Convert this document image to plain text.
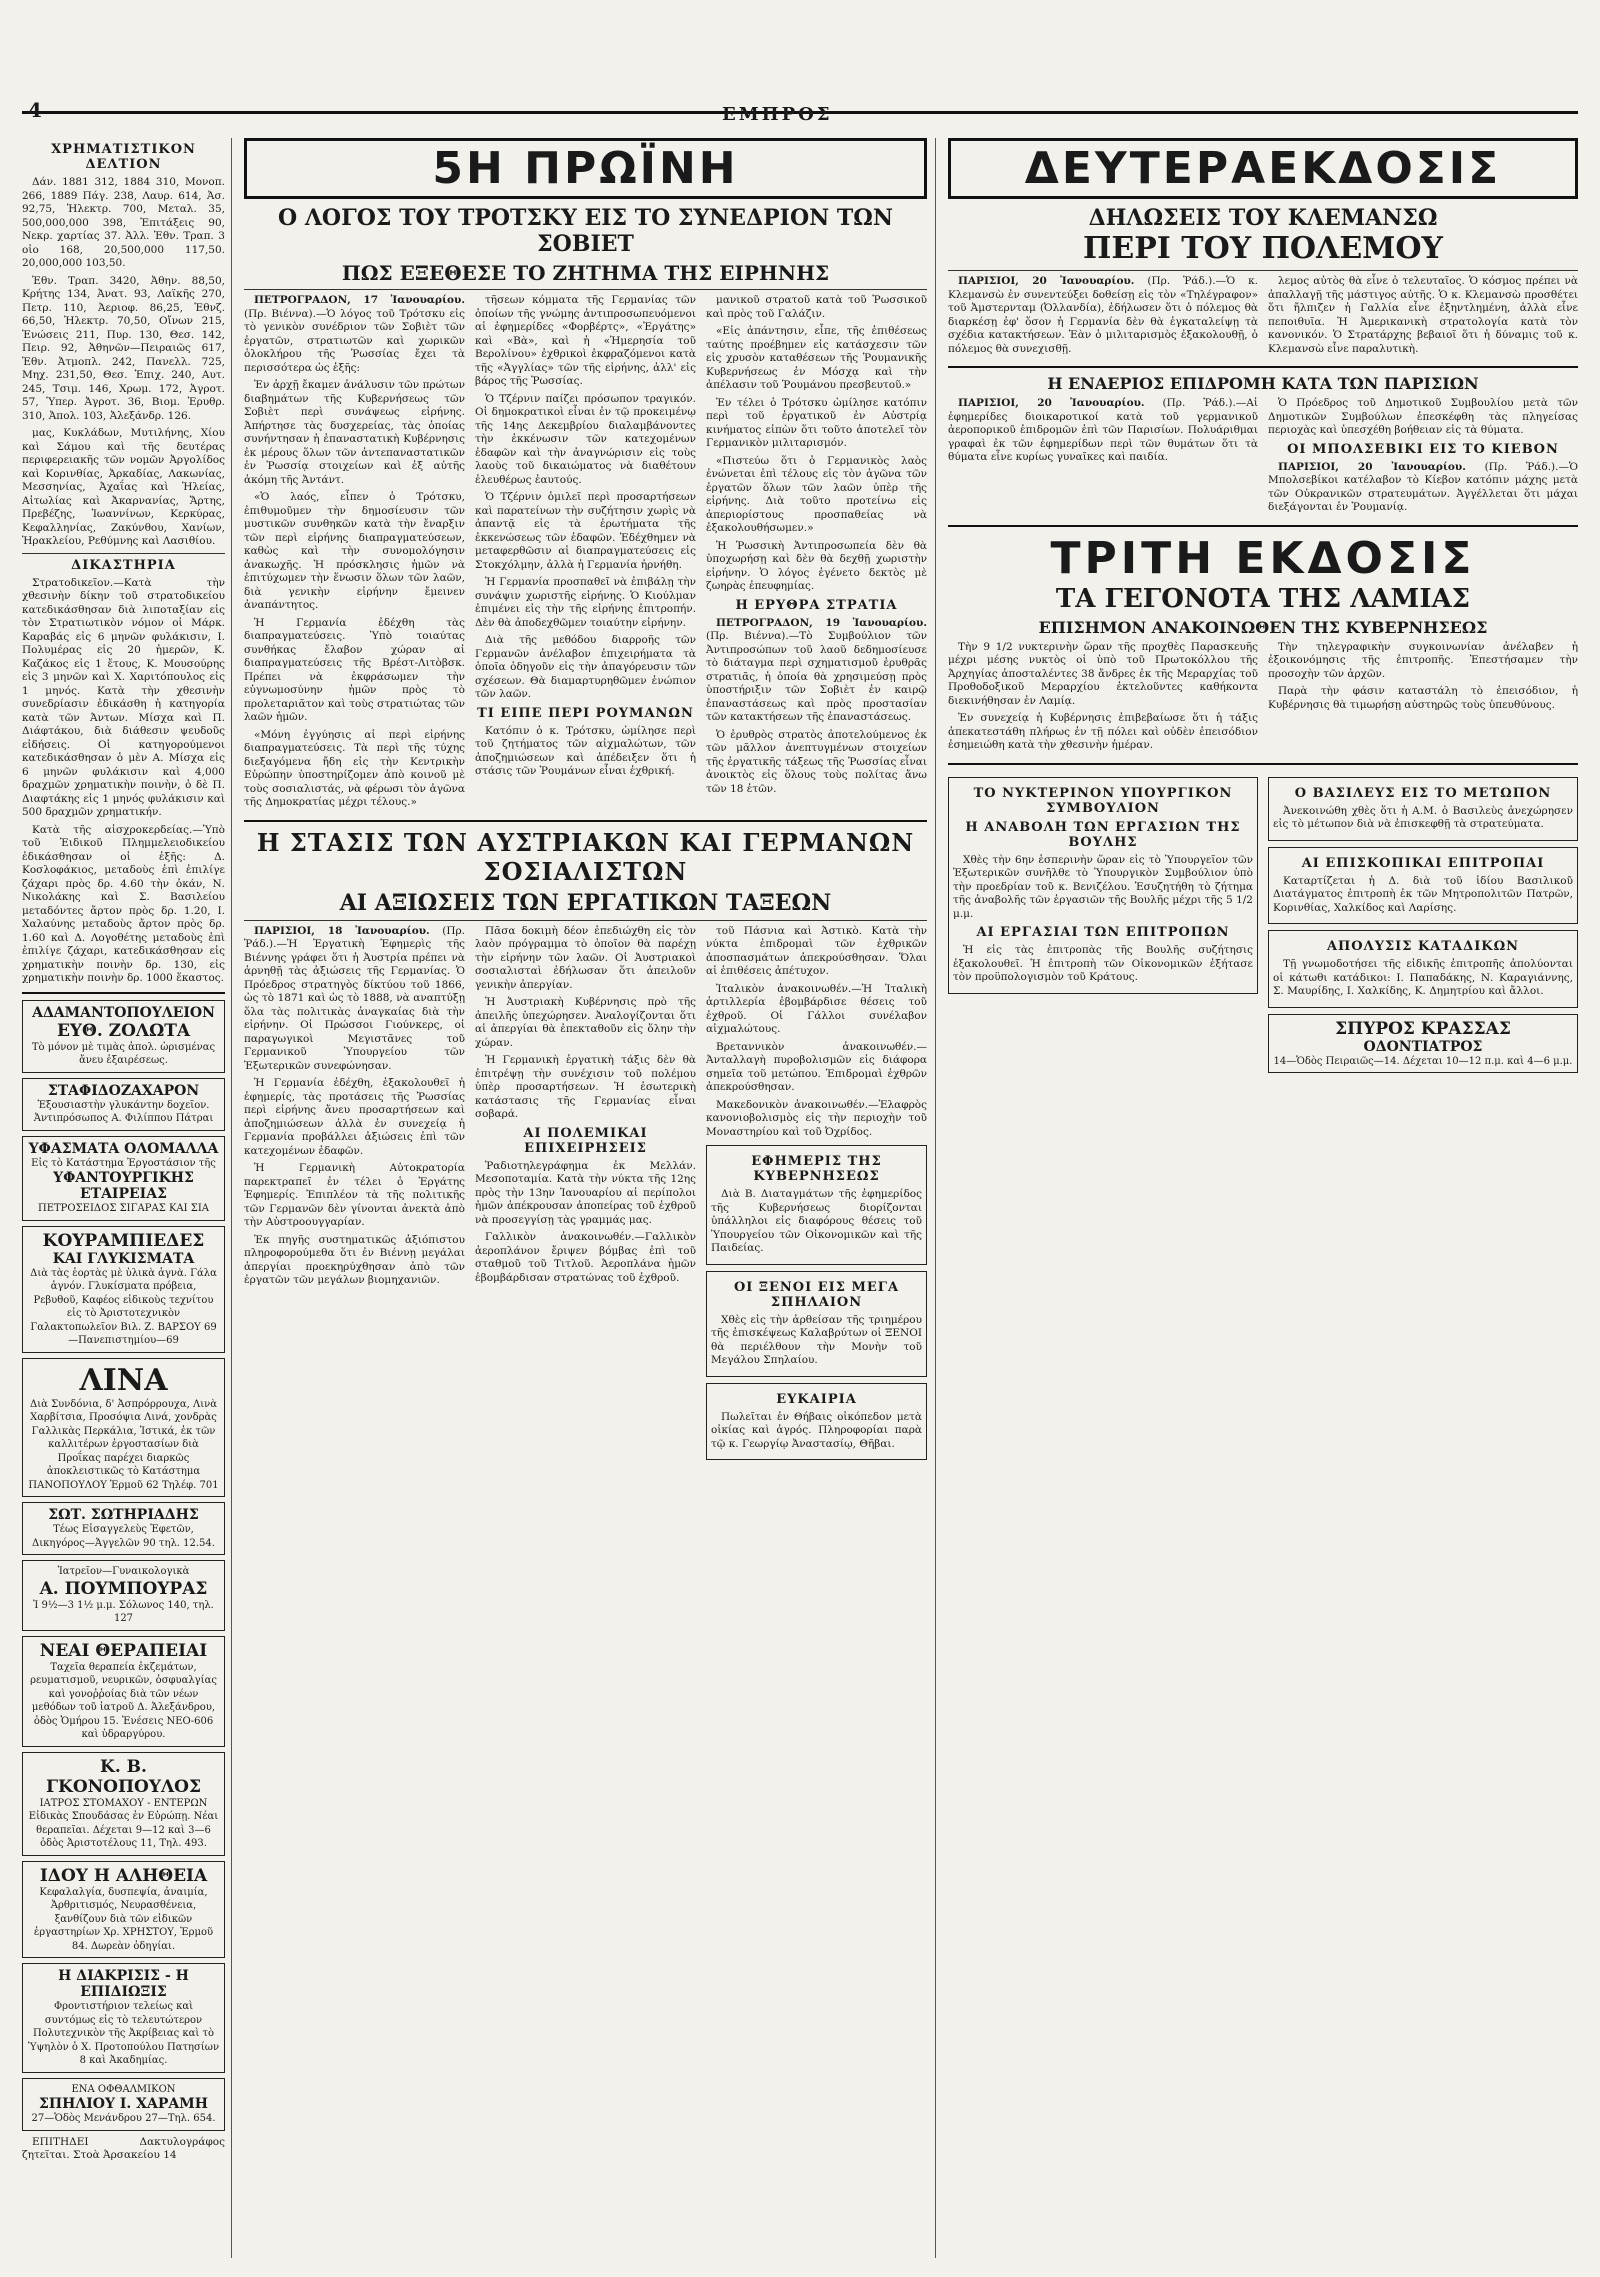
4	ΕΜΠΡΟΣ
ΧΡΗΜΑΤΙΣΤΙΚΟΝ ΔΕΛΤΙΟΝ

Δάν. 1881 312, 1884 310, Μονοπ. 266, 1889 Πάγ. 238, Λαυρ. 614, Ἀσ. 92,75, Ἠλεκτρ. 700, Μεταλ. 35, 500,000,000 398, Ἐπιτάξεις 90, Νεκρ. χαρτίας 37. Ἀλλ. Ἐθν. Τραπ. 3 οἰο 168, 20,500,000 117,50. 20,000,000 103,50.

Ἐθν. Τραπ. 3420, Ἀθην. 88,50, Κρήτης 134, Ἀνατ. 93, Λαϊκῆς 270, Πετρ. 110, Ἀεριοφ. 86,25, Ἐθνζ. 66,50, Ἠλεκτρ. 70,50, Οἴνων 215, Ἐνώσεις 211, Πυρ. 130, Θεσ. 142, Πειρ. 92, Ἀθηνῶν—Πειραιῶς 617, Ἐθν. Ἀτμοπλ. 242, Πανελλ. 725, Μηχ. 231,50, Θεσ. Ἐπιχ. 240, Αυτ. 245, Τσιμ. 146, Χρωμ. 172, Ἀγροτ. 57, Ὑπερ. Ἀγροτ. 36, Βιομ. Ἐρυθρ. 310, Ἀπολ. 103, Ἀλεξάνδρ. 126.

μας, Κυκλάδων, Μυτιλήνης, Χίου καὶ Σάμου καὶ τῆς δευτέρας περιφερειακῆς τῶν νομῶν Ἀργολίδος καὶ Κορινθίας, Ἀρκαδίας, Λακωνίας, Μεσσηνίας, Ἀχαΐας καὶ Ἠλείας, Αἰτωλίας καὶ Ἀκαρνανίας, Ἄρτης, Πρεβέζης, Ἰωαννίνων, Κερκύρας, Κεφαλληνίας, Ζακύνθου, Χανίων, Ἡρακλείου, Ρεθύμνης καὶ Λασιθίου.

ΔΙΚΑΣΤΗΡΙΑ

Στρατοδικεῖον.—Κατὰ τὴν χθεσινὴν δίκην τοῦ στρατοδικείου κατεδικάσθησαν διὰ λιποταξίαν εἰς τὸν Στρατιωτικὸν νόμον οἱ Μάρκ. Καραβάς εἰς 6 μηνῶν φυλάκισιν, Ι. Πολυμέρας εἰς 20 ἡμερῶν, Κ. Καζάκος εἰς 1 ἔτους, Κ. Μουσούρης εἰς 3 μηνῶν καὶ Χ. Χαριτόπουλος εἰς 1 μηνός. Κατὰ τὴν χθεσινὴν συνεδρίασιν ἐδικάσθη ἡ κατηγορία κατὰ τῶν Ἀντων. Μίσχα καὶ Π. Διάφτάκου, διὰ διάθεσιν ψευδοῦς εἰδήσεις. Οἱ κατηγορούμενοι κατεδικάσθησαν ὁ μὲν Α. Μίσχα εἰς 6 μηνῶν φυλάκισιν καὶ 4,000 δραχμῶν χρηματικὴν ποινὴν, ὁ δὲ Π. Διαφτάκης εἰς 1 μηνός φυλάκισιν καὶ 500 δραχμῶν χρηματικήν.

Κατὰ τῆς αἰσχροκερδείας.—Ὑπὸ τοῦ Ἐιδικοῦ Πλημμελειοδικείου ἐδικάσθησαν οἱ ἑξῆς: Δ. Κοσλοφάκιος, μεταδοὺς ἐπὶ ἐπιλίγε ζάχαρι πρὸς δρ. 4.60 τὴν ὀκάν, Ν. Νικολάκης καὶ Σ. Βασιλείου μεταδόντες ἄρτον πρὸς δρ. 1.20, Ι. Χαλαύνης μεταδοὺς ἄρτον πρὸς δρ. 1.60 καὶ Δ. Λογοθέτης μεταδοὺς ἐπὶ ἐπιλίγε ζάχαρι, κατεδικάσθησαν εἰς χρηματικὴν ποινὴν δρ. 130, εἰς χρηματικὴν ποινὴν δρ. 1000 ἕκαστος.

ΑΔΑΜΑΝΤΟΠΟΥΛΕΙΟΝ
ΕΥΘ. ΖΟΛΩΤΑ
Τὸ μόνον μὲ τιμὰς ἀπολ. ὡρισμένας ἄνευ ἐξαιρέσεως.
ΣΤΑΦΙΔΟΖΑΧΑΡΟΝ
Ἐξουσιαστὴν γλυκάντην δοχεῖον. Ἀντιπρόσωπος Α. Φιλίππου Πάτραι
ΥΦΑΣΜΑΤΑ ΟΛΟΜΑΛΛΑ
Εἰς τὸ Κατάστημα Ἐργοστάσιον τῆς
ΥΦΑΝΤΟΥΡΓΙΚΗΣ ΕΤΑΙΡΕΙΑΣ
ΠΕΤΡΟΣΕΙΔΟΣ ΣΙΓΑΡΑΣ ΚΑΙ ΣΙΑ
ΚΟΥΡΑΜΠΙΕΔΕΣ
ΚΑΙ ΓΛΥΚΙΣΜΑΤΑ
Διὰ τὰς ἑορτὰς μὲ ὑλικὰ ἁγνὰ. Γάλα ἁγνόν. Γλυκίσματα πρόβεια, Ρεβυθοῦ, Καφέος εἰδικοὺς τεχνίτου εἰς τὸ Ἀριστοτεχνικὸν Γαλακτοπωλεῖον Βιλ. Ζ. ΒΑΡΣΟΥ 69—Πανεπιστημίου—69
ΛΙΝΑ
Διὰ Συνδόνια, δ' Ἀσπρόρρουχα, Λινὰ Χαρβίτσια, Προσόψια Λινά, χονδρὰς Γαλλικὰς Περκάλια, Ἰστικά, ἐκ τῶν καλλιτέρων ἐργοστασίων διὰ Προΐκας παρέχει διαρκῶς ἀποκλειστικῶς τὸ Κατάστημα ΠΑΝΟΠΟΥΛΟΥ Ἑρμοῦ 62 Τηλέφ. 701
ΣΩΤ. ΣΩΤΗΡΙΑΔΗΣ
Τέως Εἰσαγγελεὺς Ἐφετῶν, Δικηγόρος—Ἀγγελῶν 90 τηλ. 12.54.
Ἰατρεῖον—Γυναικολογικὰ
Α. ΠΟΥΜΠΟΥΡΑΣ
Ἰ 9½—3 1½ μ.μ. Σόλωνος 140, τηλ. 127
ΝΕΑΙ ΘΕΡΑΠΕΙΑΙ
Ταχεῖα θεραπεία ἐκζεμάτων, ρευματισμοῦ, νευρικῶν, ὀσφυαλγίας καὶ γονοῤῥοίας διὰ τῶν νέων μεθόδων τοῦ ἰατροῦ Δ. Ἀλεξάνδρου, ὁδὸς Ὁμήρου 15. Ἐνέσεις ΝΕΟ-606 καὶ ὑδραργύρου.
Κ. Β. ΓΚΟΝΟΠΟΥΛΟΣ
ΙΑΤΡΟΣ ΣΤΟΜΑΧΟΥ - ΕΝΤΕΡΩΝ
Εἰδικὰς Σπουδάσας ἐν Εὐρώπῃ. Νέαι θεραπεῖαι. Δέχεται 9—12 καὶ 3—6 ὁδὸς Ἀριστοτέλους 11, Τηλ. 493.
ΙΔΟΥ Η ΑΛΗΘΕΙΑ
Κεφαλαλγία, δυσπεψία, ἀναιμία, Ἀρθριτισμός, Νευρασθένεια, ξανθίζουν διὰ τῶν εἰδικῶν ἐργαστηρίων Χρ. ΧΡΗΣΤΟΥ, Ἑρμοῦ 84. Δωρεὰν ὁδηγίαι.
Η ΔΙΑΚΡΙΣΙΣ - Η ΕΠΙΔΙΩΞΙΣ
Φροντιστήριον τελείως καὶ συντόμως εἰς τὸ τελευτώτερον Πολυτεχνικὸν τῆς Ἀκρίβειας καὶ τὸ Ὑψηλὸν ὁ Χ. Προτοπούλου Πατησίων 8 καὶ Ἀκαδημίας.
ΕΝΑ ΟΦΘΑΛΜΙΚΟΝ
ΣΠΗΛΙΟΥ Ι. ΧΑΡΑΜΗ
27—Ὁδὸς Μενάνδρου 27—Τηλ. 654.

ΕΠΙΤΗΔΕΙ Δακτυλογράφος ζητεῖται. Στοὰ Ἀρσακείου 14

5Η ΠΡΩΪΝΗ
Ο ΛΟΓΟΣ ΤΟΥ ΤΡΟΤΣΚΥ ΕΙΣ ΤΟ ΣΥΝΕΔΡΙΟΝ ΤΩΝ ΣΟΒΙΕΤ
ΠΩΣ ΕΞΕΘΕΣΕ ΤΟ ΖΗΤΗΜΑ ΤΗΣ ΕΙΡΗΝΗΣ

ΠΕΤΡΟΓΡΑΔΟΝ, 17 Ἰανουαρίου. (Πρ. Βιέννα).—Ὁ λόγος τοῦ Τρότσκυ εἰς τὸ γενικὸν συνέδριον τῶν Σοβιὲτ τῶν ἐργατῶν, στρατιωτῶν καὶ χωρικῶν ὁλοκλήρου τῆς Ῥωσσίας ἔχει τὰ περισσότερα ὡς ἑξῆς:

Ἐν ἀρχῇ ἔκαμεν ἀνάλυσιν τῶν πρώτων διαβημάτων τῆς Κυβερνήσεως τῶν Σοβιὲτ περὶ συνάψεως εἰρήνης. Ἀπήρτησε τὰς δυσχερείας, τὰς ὁποίας συνήντησαν ἡ ἐπαναστατικὴ Κυβέρνησις ἐκ μέρους ὅλων τῶν ἀντεπαναστατικῶν ἐν Ῥωσσίᾳ στοιχείων καὶ ἐξ αὐτῆς ἀκόμη τῆς Ἀντάντ.

«Ὁ λαός, εἶπεν ὁ Τρότσκυ, ἐπιθυμοῦμεν τὴν δημοσίευσιν τῶν μυστικῶν συνθηκῶν κατὰ τὴν ἔναρξιν τῶν περὶ εἰρήνης διαπραγματεύσεων, καθὼς καὶ τὴν συνομολόγησιν ἀνακωχῆς. Ἡ πρόσκλησις ἡμῶν νὰ ἐπιτύχωμεν τὴν ἕνωσιν ὅλων τῶν λαῶν, διὰ γενικὴν εἰρήνην ἔμεινεν ἀναπάντητος.

Ἡ Γερμανία ἐδέχθη τὰς διαπραγματεύσεις. Ὑπὸ τοιαύτας συνθήκας ἔλαβον χώραν αἱ διαπραγματεύσεις τῆς Βρέστ-Λιτὸβσκ. Πρέπει νὰ ἐκφράσωμεν τὴν εὐγνωμοσύνην ἡμῶν πρὸς τὸ προλεταριᾶτον καὶ τοὺς στρατιώτας τῶν λαῶν ἡμῶν.

«Μόνη ἐγγύησις αἱ περὶ εἰρήνης διαπραγματεύσεις. Τὰ περὶ τῆς τύχης διεξαγόμενα ἤδη εἰς τὴν Κεντρικὴν Εὐρώπην ὑποστηρίζομεν ἀπὸ κοινοῦ μὲ τοὺς σοσιαλιστάς, νὰ φέρωσι τὸν ἀγῶνα τῆς Δημοκρατίας μέχρι τέλους.»

τῆσεων κόμματα τῆς Γερμανίας τῶν ὁποίων τῆς γνώμης ἀντιπροσωπευόμενοι αἱ ἐφημερίδες «Φορβέρτς», «Ἐργάτης» καὶ «Βὰ», καὶ ἡ «Ἡμερησία τοῦ Βερολίνου» ἐχθρικοὶ ἐκφραζόμενοι κατὰ τῆς «Ἀγγλίας» τῶν τῆς εἰρήνης, ἀλλ' εἰς βάρος τῆς Ῥωσσίας.

Ὁ Τζέρνιν παίζει πρόσωπον τραγικόν. Οἱ δημοκρατικοὶ εἶναι ἐν τῷ προκειμένῳ τῆς 14ης Δεκεμβρίου διαλαμβάνοντες τὴν ἐκκένωσιν τῶν κατεχομένων ἐδαφῶν καὶ τὴν ἀναγνώρισιν εἰς τοὺς λαοὺς τοῦ δικαιώματος νὰ διαθέτουν ἐλευθέρως ἑαυτούς.

Ὁ Τζέρνιν ὁμιλεῖ περὶ προσαρτήσεων καὶ παρατείνων τὴν συζήτησιν χωρὶς νὰ ἀπαντᾷ εἰς τὰ ἐρωτήματα τῆς ἐκκενώσεως τῶν ἐδαφῶν. Ἐδέχθημεν νὰ μεταφερθῶσιν αἱ διαπραγματεύσεις εἰς Στοκχόλμην, ἀλλὰ ἡ Γερμανία ἠρνήθη.

Ἡ Γερμανία προσπαθεῖ νὰ ἐπιβάλῃ τὴν συνάψιν χωριστῆς εἰρήνης. Ὁ Κιούλμαν ἐπιμένει εἰς τὴν τῆς εἰρήνης ἐπιτροπήν. Δὲν θὰ ἀποδεχθῶμεν τοιαύτην εἰρήνην.

Διὰ τῆς μεθόδου διαρροῆς τῶν Γερμανῶν ἀνέλαβον ἐπιχειρήματα τὰ ὁποῖα ὁδηγοῦν εἰς τὴν ἀπαγόρευσιν τῶν σχέσεων. Θὰ διαμαρτυρηθῶμεν ἐνώπιον τῶν λαῶν.

ΤΙ ΕΙΠΕ ΠΕΡΙ ΡΟΥΜΑΝΩΝ

Κατόπιν ὁ κ. Τρότσκυ, ὡμίλησε περὶ τοῦ ζητήματος τῶν αἰχμαλώτων, τῶν ἀποζημιώσεων καὶ ἀπέδειξεν ὅτι ἡ στάσις τῶν Ῥουμάνων εἶναι ἐχθρική.

μανικοῦ στρατοῦ κατὰ τοῦ Ῥωσσικοῦ καὶ πρὸς τοῦ Γαλάζιν.

«Εἰς ἀπάντησιν, εἶπε, τῆς ἐπιθέσεως ταύτης προέβημεν εἰς κατάσχεσιν τῶν εἰς χρυσὸν καταθέσεων τῆς Ῥουμανικῆς Κυβερνήσεως ἐν Μόσχᾳ καὶ τὴν ἀπέλασιν τοῦ Ῥουμάνου πρεσβευτοῦ.»

Ἐν τέλει ὁ Τρότσκυ ὡμίλησε κατόπιν περὶ τοῦ ἐργατικοῦ ἐν Αὐστρίᾳ κινήματος εἰπὼν ὅτι τοῦτο ἀποτελεῖ τὸν Γερμανικὸν μιλιταρισμόν.

«Πιστεύω ὅτι ὁ Γερμανικὸς λαὸς ἐνώνεται ἐπὶ τέλους εἰς τὸν ἀγῶνα τῶν ἐργατῶν ὅλων τῶν λαῶν ὑπὲρ τῆς εἰρήνης. Διὰ τοῦτο προτείνω εἰς ἀπεριορίστους προσπαθείας νὰ ἐξακολουθήσωμεν.»

Ἡ Ῥωσσικὴ Ἀντιπροσωπεία δὲν θὰ ὑποχωρήσῃ καὶ δὲν θὰ δεχθῇ χωριστὴν εἰρήνην. Ὁ λόγος ἐγένετο δεκτὸς μὲ ζωηρὰς ἐπευφημίας.

Η ΕΡΥΘΡΑ ΣΤΡΑΤΙΑ

ΠΕΤΡΟΓΡΑΔΟΝ, 19 Ἰανουαρίου. (Πρ. Βιέννα).—Τὸ Συμβούλιον τῶν Ἀντιπροσώπων τοῦ λαοῦ δεδημοσίευσε τὸ διάταγμα περὶ σχηματισμοῦ ἐρυθρᾶς στρατιᾶς, ἡ ὁποία θὰ χρησιμεύσῃ πρὸς ὑποστήριξιν τῶν Σοβιὲτ ἐν καιρῷ ἐπαναστάσεως καὶ πρὸς προστασίαν τῶν κατακτήσεων τῆς ἐπαναστάσεως.

Ὁ ἐρυθρὸς στρατὸς ἀποτελούμενος ἐκ τῶν μᾶλλον ἀνεπτυγμένων στοιχείων τῆς ἐργατικῆς τάξεως τῆς Ῥωσσίας εἶναι ἀνοικτὸς εἰς ὅλους τοὺς πολίτας ἄνω τῶν 18 ἐτῶν.

Η ΣΤΑΣΙΣ ΤΩΝ ΑΥΣΤΡΙΑΚΩΝ ΚΑΙ ΓΕΡΜΑΝΩΝ ΣΟΣΙΑΛΙΣΤΩΝ
ΑΙ ΑΞΙΩΣΕΙΣ ΤΩΝ ΕΡΓΑΤΙΚΩΝ ΤΑΞΕΩΝ

ΠΑΡΙΣΙΟΙ, 18 Ἰανουαρίου. (Πρ. Ῥάδ.).—Ἡ Ἐργατικὴ Ἐφημερὶς τῆς Βιέννης γράφει ὅτι ἡ Ἀυστρία πρέπει νὰ ἀρνηθῇ τὰς ἀξιώσεις τῆς Γερμανίας. Ὁ Πρόεδρος στρατηγὸς δίκτύου τοῦ 1866, ὡς τὸ 1871 καὶ ὡς τὸ 1888, νὰ αναπτύξῃ ὅλα τὰς πολιτικὰς ἀναγκαίας διὰ τὴν εἰρήνην. Οἱ Πρώσσοι Γιούνκερς, οἱ παραγωγικοὶ Μεγιστᾶνες τοῦ Γερμανικοῦ Ὑπουργείου τῶν Ἐξωτερικῶν συνεφώνησαν.

Ἡ Γερμανία ἐδέχθη, ἐξακολουθεῖ ἡ ἐφημερίς, τὰς προτάσεις τῆς Ῥωσσίας περὶ εἰρήνης ἄνευ προσαρτήσεων καὶ ἀποζημιώσεων ἀλλὰ ἐν συνεχείᾳ ἡ Γερμανία προβάλλει ἀξιώσεις ἐπὶ τῶν κατεχομένων ἐδαφῶν.

Ἡ Γερμανικὴ Αὐτοκρατορία παρεκτραπεῖ ἐν τέλει ὁ Ἐργάτης Ἐφημερίς. Ἐπιπλέον τὰ τῆς πολιτικῆς τῶν Γερμανῶν δὲν γίνονται ἀνεκτὰ ἀπὸ τὴν Αὐστροουγγαρίαν.

Ἐκ πηγῆς συστηματικῶς ἀξιόπιστου πληροφορούμεθα ὅτι ἐν Βιέννῃ μεγάλαι ἀπεργίαι προεκηρύχθησαν ἀπὸ τῶν ἐργατῶν τῶν μεγάλων βιομηχανιῶν.

Πᾶσα δοκιμὴ δέον ἐπεδιώχθη εἰς τὸν λαὸν πρόγραμμα τὸ ὁποῖον θὰ παρέχῃ τὴν εἰρήνην τῶν λαῶν. Οἱ Ἀυστριακοὶ σοσιαλισταὶ ἐδήλωσαν ὅτι ἀπειλοῦν γενικὴν ἀπεργίαν.

Ἡ Ἀυστριακὴ Κυβέρνησις πρὸ τῆς ἀπειλῆς ὑπεχώρησεν. Ἀναλογίζονται ὅτι αἱ ἀπεργίαι θὰ ἐπεκταθοῦν εἰς ὅλην τὴν χώραν.

Ἡ Γερμανικὴ ἐργατικὴ τάξις δὲν θὰ ἐπιτρέψῃ τὴν συνέχισιν τοῦ πολέμου ὑπὲρ προσαρτήσεων. Ἡ ἐσωτερικὴ κατάστασις τῆς Γερμανίας εἶναι σοβαρά.

ΑΙ ΠΟΛΕΜΙΚΑΙ ΕΠΙΧΕΙΡΗΣΕΙΣ

Ῥαδιοτηλεγράφημα ἐκ Μελλάν. Μεσοποταμία. Κατὰ τὴν νύκτα τῆς 12ης πρὸς τὴν 13ην Ἰανουαρίου αἱ περίπολοι ἡμῶν ἀπέκρουσαν ἀποπείρας τοῦ ἐχθροῦ νὰ προσεγγίσῃ τὰς γραμμάς μας.

Γαλλικὸν ἀνακοινωθέν.—Γαλλικὸν ἀεροπλάνον ἔριψεν βόμβας ἐπὶ τοῦ σταθμοῦ τοῦ Τιτλοῦ. Ἀεροπλάνα ἡμῶν ἐβομβάρδισαν στρατώνας τοῦ ἐχθροῦ.

τοῦ Πάσνια καὶ Ἀστικὸ. Κατὰ τὴν νύκτα ἐπιδρομαὶ τῶν ἐχθρικῶν ἀποσπασμάτων ἀπεκρούσθησαν. Ὅλαι αἱ ἐπιθέσεις ἀπέτυχον.

Ἰταλικὸν ἀνακοινωθέν.—Ἡ Ἰταλικὴ ἀρτιλλερία ἐβομβάρδισε θέσεις τοῦ ἐχθροῦ. Οἱ Γάλλοι συνέλαβον αἰχμαλώτους.

Βρεταννικὸν ἀνακοινωθέν.—Ἀνταλλαγὴ πυροβολισμῶν εἰς διάφορα σημεῖα τοῦ μετώπου. Ἐπιδρομαὶ ἐχθρῶν ἀπεκρούσθησαν.

Μακεδονικὸν ἀνακοινωθέν.—Ἐλαφρὸς κανονιοβολισμὸς εἰς τὴν περιοχὴν τοῦ Μοναστηρίου καὶ τοῦ Ὀχρίδος.

ΕΦΗΜΕΡΙΣ ΤΗΣ ΚΥΒΕΡΝΗΣΕΩΣ

Διὰ Β. Διαταγμάτων τῆς ἐφημερίδος τῆς Κυβερνήσεως διορίζονται ὑπάλληλοι εἰς διαφόρους θέσεις τοῦ Ὑπουργείου τῶν Οἰκονομικῶν καὶ τῆς Παιδείας.

ΟΙ ΞΕΝΟΙ ΕΙΣ ΜΕΓΑ ΣΠΗΛΑΙΟΝ

Χθὲς εἰς τὴν ἀρθείσαν τῆς τριημέρου τῆς ἐπισκέψεως Καλαβρύτων οἱ ΞΕΝΟΙ θὰ περιέλθουν τὴν Μονὴν τοῦ Μεγάλου Σπηλαίου.

ΕΥΚΑΙΡΙΑ

Πωλεῖται ἐν Θήβαις οἰκόπεδον μετὰ οἰκίας καὶ ἀγρός. Πληροφορίαι παρὰ τῷ κ. Γεωργίῳ Ἀναστασίῳ, Θῆβαι.

ΔΕΥΤΕΡΑΕΚΔΟΣΙΣ
ΔΗΛΩΣΕΙΣ ΤΟΥ ΚΛΕΜΑΝΣΩ
ΠΕΡΙ ΤΟΥ ΠΟΛΕΜΟΥ

ΠΑΡΙΣΙΟΙ, 20 Ἰανουαρίου. (Πρ. Ῥάδ.).—Ὁ κ. Κλεμανσὼ ἐν συνεντεύξει δοθείσῃ εἰς τὸν «Τηλέγραφον» τοῦ Ἀμστερνταμ (Ὀλλανδία), ἐδήλωσεν ὅτι ὁ πόλεμος θὰ διαρκέσῃ ἐφ' ὅσον ἡ Γερμανία δὲν θὰ ἐγκαταλείψῃ τὰ σχέδια κατακτήσεων. Ἐὰν ὁ μιλιταρισμὸς ἐξακολουθῇ, ὁ πόλεμος θὰ συνεχισθῇ.

λεμος αὐτὸς θὰ εἶνε ὁ τελευταῖος. Ὁ κόσμος πρέπει νὰ ἀπαλλαγῇ τῆς μάστιγος αὐτῆς. Ὁ κ. Κλεμανσὼ προσθέτει ὅτι ἤλπιζεν ἡ Γαλλία εἶνε ἐξηντλημένη, ἀλλὰ εἶνε πεποιθυῖα. Ἡ Ἀμερικανικὴ στρατολογία κατὰ τὸν κανονικόν. Ὁ Στρατάρχης βεβαιοῖ ὅτι ἡ δύναμις τοῦ κ. Κλεμανσὼ εἶνε παραλυτικὴ.

Η ΕΝΑΕΡΙΟΣ ΕΠΙΔΡΟΜΗ ΚΑΤΑ ΤΩΝ ΠΑΡΙΣΙΩΝ

ΠΑΡΙΣΙΟΙ, 20 Ἰανουαρίου. (Πρ. Ῥάδ.).—Αἱ ἐφημερίδες διοικαροτικοί κατὰ τοῦ γερμανικοῦ ἀεροπορικοῦ ἐπιδρομῶν ἐπὶ τῶν Παρισίων. Πολυάριθμαι γραφαὶ ἐκ τῶν ἐφημερίδων περὶ τῶν θυμάτων ὅτι τὰ θύματα εἶνε κυρίως γυναῖκες καὶ παιδία.

Ὁ Πρόεδρος τοῦ Δημοτικοῦ Συμβουλίου μετὰ τῶν Δημοτικῶν Συμβούλων ἐπεσκέφθη τὰς πληγείσας περιοχὰς καὶ ὑπεσχέθη βοήθειαν εἰς τὰ θύματα.

ΟΙ ΜΠΟΛΣΕΒΙΚΙ ΕΙΣ ΤΟ ΚΙΕΒΟΝ

ΠΑΡΙΣΙΟΙ, 20 Ἰανουαρίου. (Πρ. Ῥάδ.).—Ὁ Μπολσεβίκοι κατέλαβον τὸ Κίεβον κατόπιν μάχης μετὰ τῶν Οὐκρανικῶν στρατευμάτων. Ἀγγέλλεται ὅτι μάχαι διεξάγονται ἐν Ῥουμανίᾳ.

ΤΡΙΤΗ ΕΚΔΟΣΙΣ
ΤΑ ΓΕΓΟΝΟΤΑ ΤΗΣ ΛΑΜΙΑΣ
ΕΠΙΣΗΜΟΝ ΑΝΑΚΟΙΝΩΘΕΝ ΤΗΣ ΚΥΒΕΡΝΗΣΕΩΣ

Τὴν 9 1/2 νυκτερινὴν ὥραν τῆς προχθὲς Παρασκευῆς μέχρι μέσης νυκτὸς οἱ ὑπὸ τοῦ Πρωτοκόλλου τῆς Ἀρχηγίας ἀποσταλέντες 38 ἄνδρες ἐκ τῆς Μεραρχίας τοῦ Προθοδοξικοῦ Μεραρχίου ἐκτελοῦντες καθήκοντα διεκινήθησαν ἐν Λαμίᾳ.

Ἐν συνεχείᾳ ἡ Κυβέρνησις ἐπιβεβαίωσε ὅτι ἡ τάξις ἀπεκατεστάθη πλήρως ἐν τῇ πόλει καὶ οὐδὲν ἐπεισόδιον ἐσημειώθη κατὰ τὴν χθεσινὴν ἡμέραν.

Τὴν τηλεγραφικὴν συγκοινωνίαν ἀνέλαβεν ἡ ἐξοικονόμησις τῆς ἐπιτροπῆς. Ἐπεστήσαμεν τὴν προσοχὴν τῶν ἀρχῶν.

Παρὰ τὴν φάσιν καταστάλη τὸ ἐπεισόδιον, ἡ Κυβέρνησις θὰ τιμωρήσῃ αὐστηρῶς τοὺς ὑπευθύνους.

ΤΟ ΝΥΚΤΕΡΙΝΟΝ ΥΠΟΥΡΓΙΚΟΝ ΣΥΜΒΟΥΛΙΟΝ
Η ΑΝΑΒΟΛΗ ΤΩΝ ΕΡΓΑΣΙΩΝ ΤΗΣ ΒΟΥΛΗΣ

Χθὲς τὴν 6ην ἑσπερινὴν ὥραν εἰς τὸ Ὑπουργεῖον τῶν Ἐξωτερικῶν συνῆλθε τὸ Ὑπουργικὸν Συμβούλιον ὑπὸ τὴν προεδρίαν τοῦ κ. Βενιζέλου. Ἐσυζητήθη τὸ ζήτημα τῆς ἀναβολῆς τῶν ἐργασιῶν τῆς Βουλῆς μέχρι τῆς 5 1/2 μ.μ.

ΑΙ ΕΡΓΑΣΙΑΙ ΤΩΝ ΕΠΙΤΡΟΠΩΝ

Ἡ εἰς τὰς ἐπιτροπὰς τῆς Βουλῆς συζήτησις ἐξακολουθεῖ. Ἡ ἐπιτροπὴ τῶν Οἰκονομικῶν ἐξήτασε τὸν προϋπολογισμὸν τοῦ Κράτους.

Ο ΒΑΣΙΛΕΥΣ ΕΙΣ ΤΟ ΜΕΤΩΠΟΝ

Ἀνεκοινώθη χθὲς ὅτι ἡ Α.Μ. ὁ Βασιλεὺς ἀνεχώρησεν εἰς τὸ μέτωπον διὰ νὰ ἐπισκεφθῇ τὰ στρατεύματα.

ΑΙ ΕΠΙΣΚΟΠΙΚΑΙ ΕΠΙΤΡΟΠΑΙ

Καταρτίζεται ἡ Δ. διὰ τοῦ ἰδίου Βασιλικοῦ Διατάγματος ἐπιτροπὴ ἐκ τῶν Μητροπολιτῶν Πατρῶν, Κορινθίας, Χαλκίδος καὶ Λαρίσης.

ΑΠΟΛΥΣΙΣ ΚΑΤΑΔΙΚΩΝ

Τῇ γνωμοδοτήσει τῆς εἰδικῆς ἐπιτροπῆς ἀπολύονται οἱ κάτωθι κατάδικοι: Ι. Παπαδάκης, Ν. Καραγιάννης, Σ. Μαυρίδης, Ι. Χαλκίδης, Κ. Δημητρίου καὶ ἄλλοι.

ΣΠΥΡΟΣ ΚΡΑΣΣΑΣ
ΟΔΟΝΤΙΑΤΡΟΣ
14—Ὁδὸς Πειραιῶς—14. Δέχεται 10—12 π.μ. καὶ 4—6 μ.μ.
